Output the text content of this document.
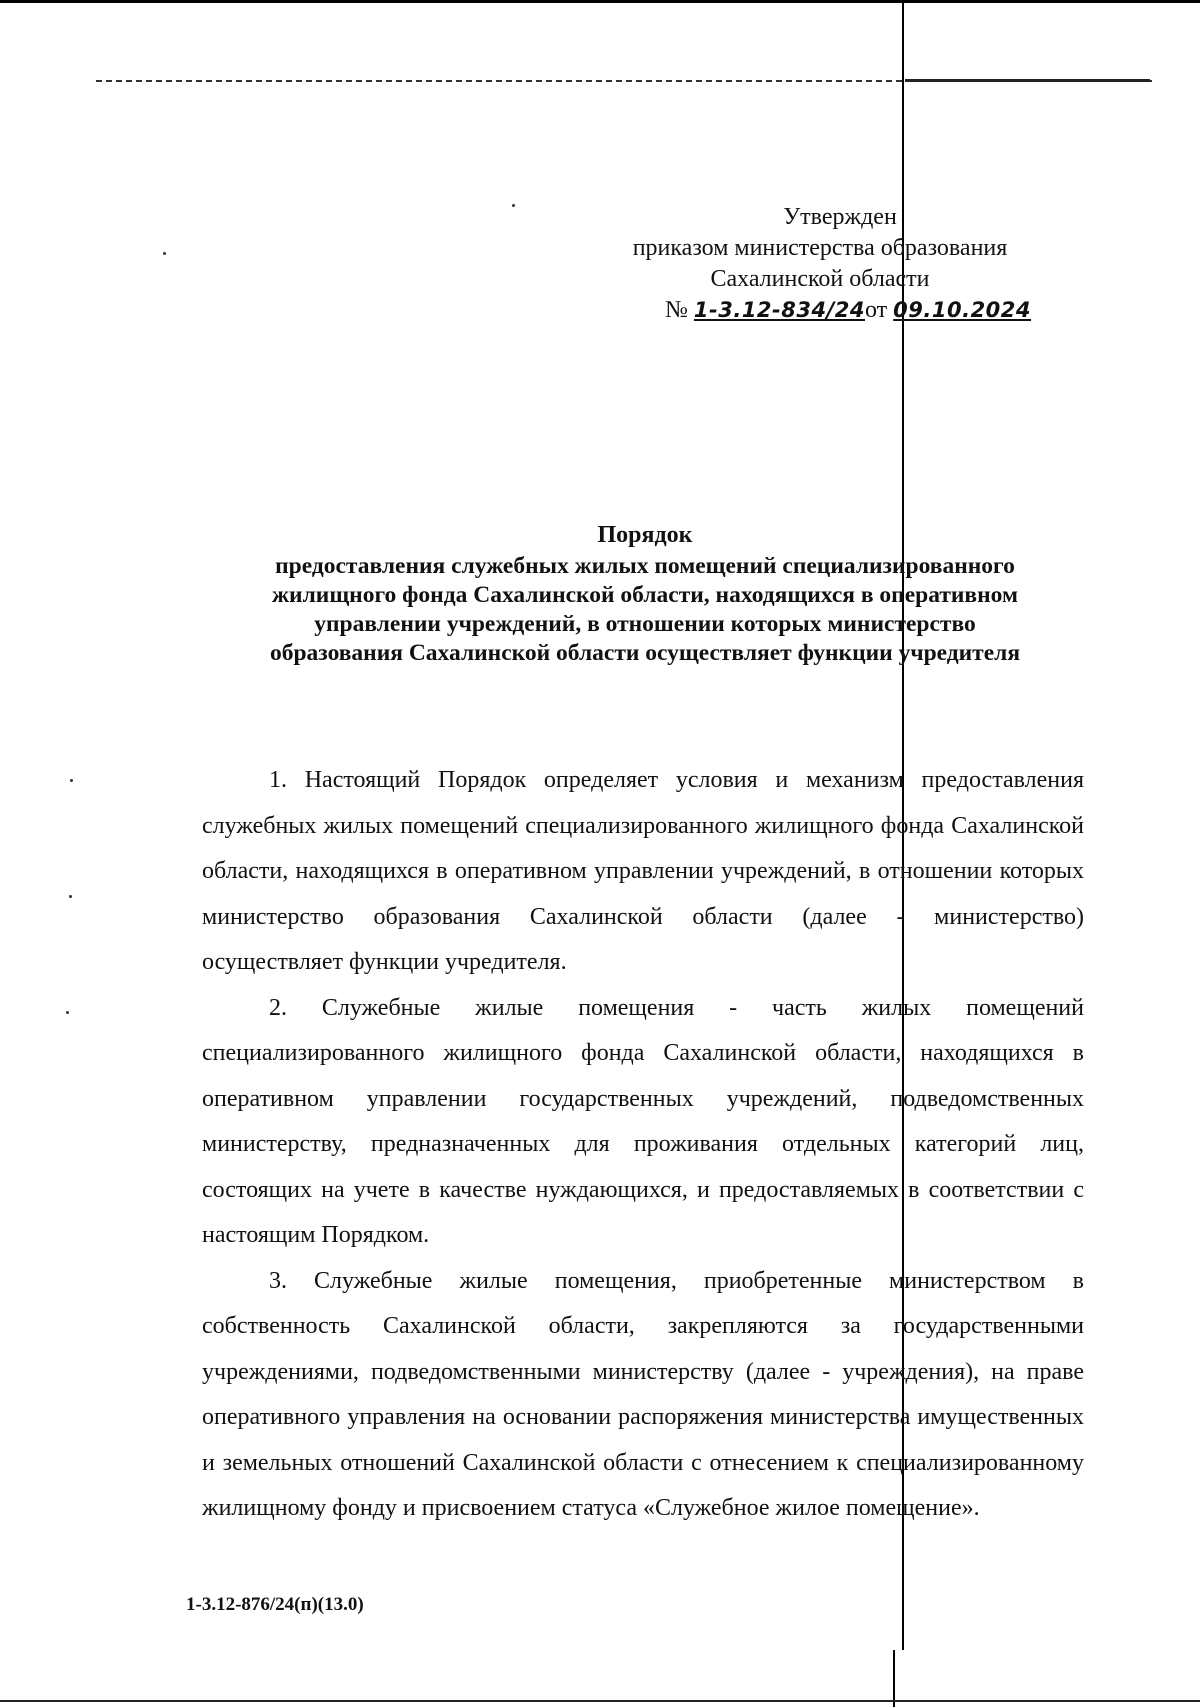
Утвержден
приказом министерства образования
Сахалинской области
№ 1-3.12-834/24от 09.10.2024
Порядок
предоставления служебных жилых помещений специализированного
жилищного фонда Сахалинской области, находящихся в оперативном
управлении учреждений, в отношении которых министерство
образования Сахалинской области осуществляет функции учредителя

1. Настоящий Порядок определяет условия и механизм предоставления служебных жилых помещений специализированного жилищного фонда Сахалинской области, находящихся в оперативном управлении учреждений, в отношении которых министерство образования Сахалинской области (далее - министерство) осуществляет функции учредителя.

2. Служебные жилые помещения - часть жилых помещений специализированного жилищного фонда Сахалинской области, находящихся в оперативном управлении государственных учреждений, подведомственных министерству, предназначенных для проживания отдельных категорий лиц, состоящих на учете в качестве нуждающихся, и предоставляемых в соответствии с настоящим Порядком.

3. Служебные жилые помещения, приобретенные министерством в собственность Сахалинской области, закрепляются за государственными учреждениями, подведомственными министерству (далее - учреждения), на праве оперативного управления на основании распоряжения министерства имущественных и земельных отношений Сахалинской области с отнесением к специализированному жилищному фонду и присвоением статуса «Служебное жилое помещение».

1-3.12-876/24(п)(13.0)
